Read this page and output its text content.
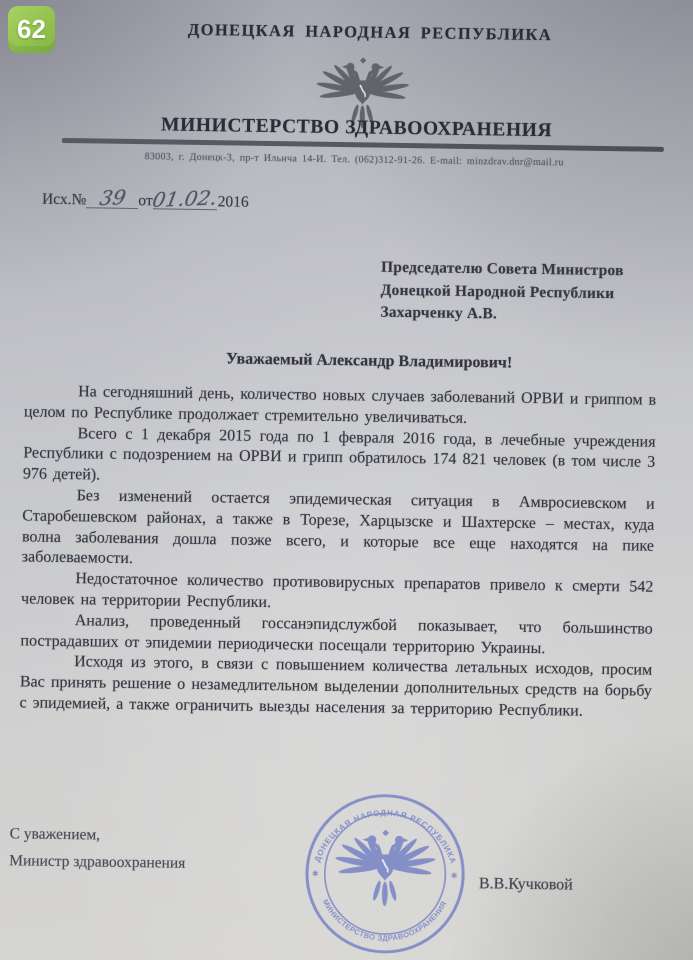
ДОНЕЦКАЯ НАРОДНАЯ РЕСПУБЛИКА
МИНИСТЕРСТВО ЗДРАВООХРАНЕНИЯ
83003, г. Донецк-3, пр-т Ильича 14-И. Тел. (062)312-91-26. E-mail: minzdrav.dnr@mail.ru
Исх.№ 39 от01.02.2016
Председателю Совета Министров
Донецкой Народной Республики
Захарченку А.В.
Уважаемый Александр Владимирович!

На сегодняшний день, количество новых случаев заболеваний ОРВИ и гриппом в целом по Республике продолжает стремительно увеличиваться.

Всего с 1 декабря 2015 года по 1 февраля 2016 года, в лечебные учреждения Республики с подозрением на ОРВИ и грипп обратилось 174 821 человек (в том числе 3 976 детей).

Без изменений остается эпидемическая ситуация в Амвросиевском и Старобешевском районах, а также в Торезе, Харцызске и Шахтерске – местах, куда волна заболевания дошла позже всего, и которые все еще находятся на пике заболеваемости.

Недостаточное количество противовирусных препаратов привело к смерти 542 человек на территории Республики.

Анализ, проведенный госсанэпидслужбой показывает, что большинство пострадавших от эпидемии периодически посещали территорию Украины.

Исходя из этого, в связи с повышением количества летальных исходов, просим Вас принять решение о незамедлительном выделении дополнительных средств на борьбу с эпидемией, а также ограничить выезды населения за территорию Республики.

С уважением,
Министр здравоохранения
В.В.Кучковой
ДОНЕЦКАЯ НАРОДНАЯ РЕСПУБЛИКА
МИНИСТЕРСТВО ЗДРАВООХРАНЕНИЯ
✱	✱
62
